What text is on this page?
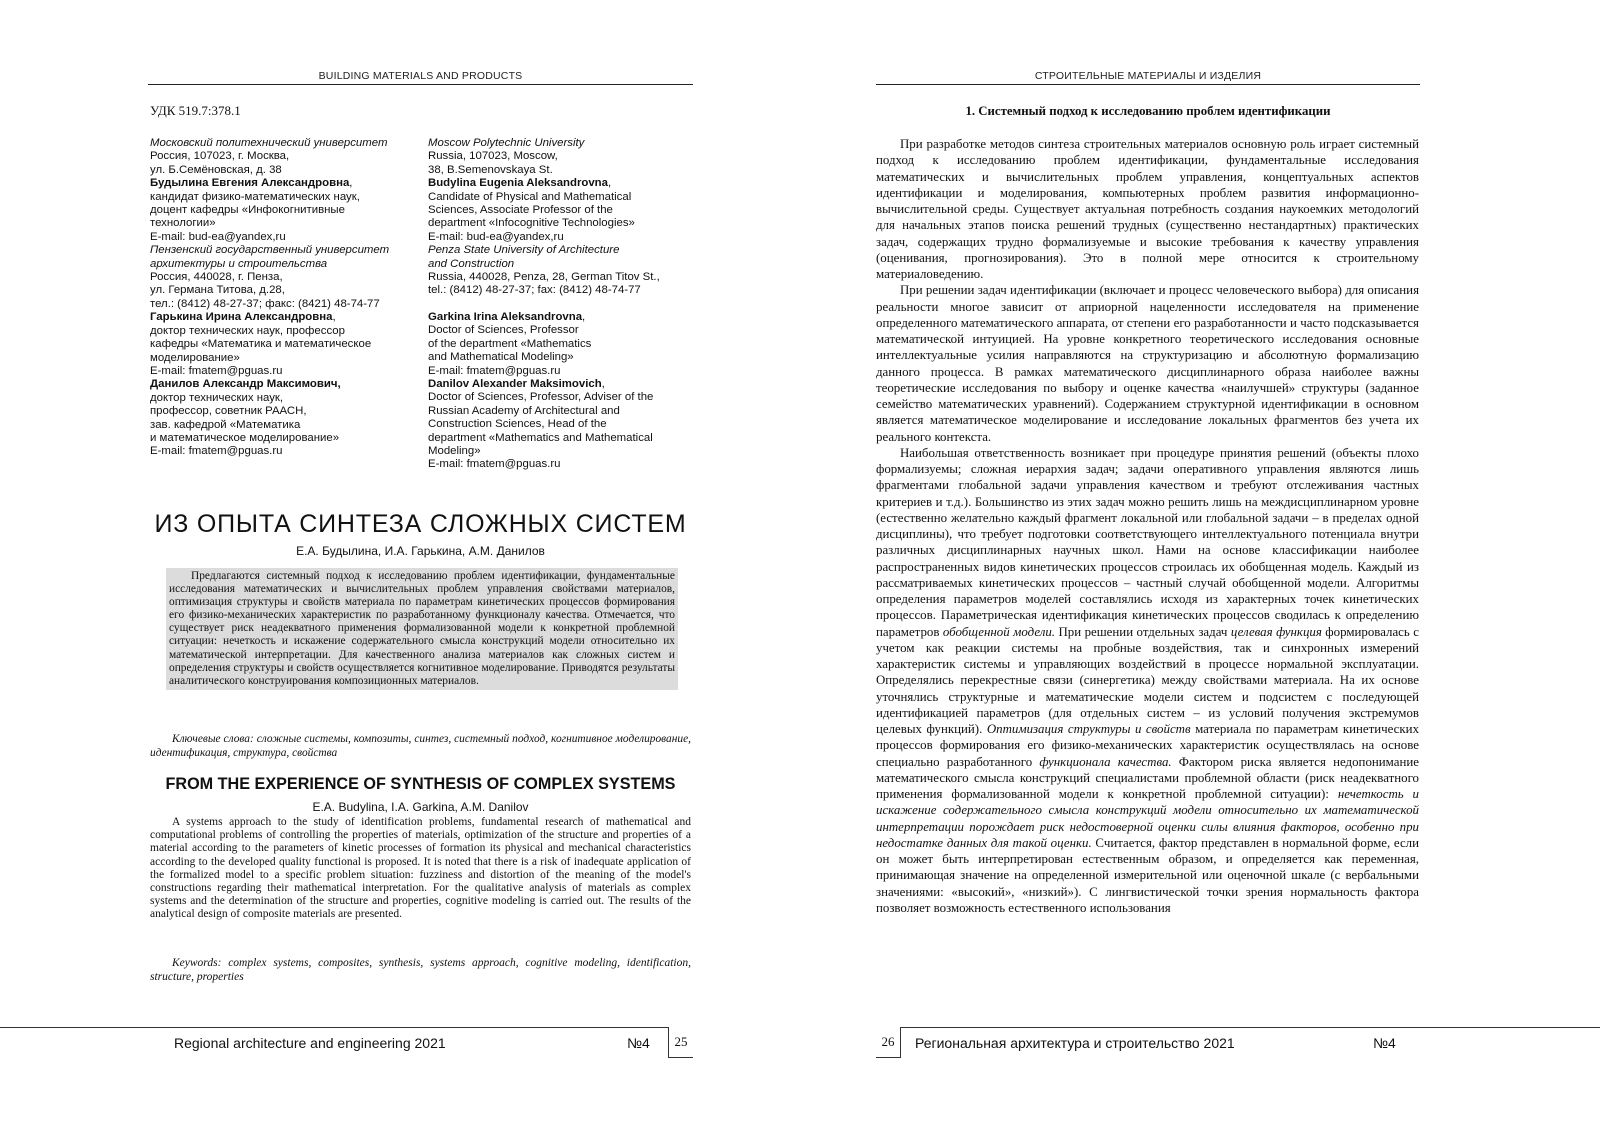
BUILDING MATERIALS AND PRODUCTS
УДК 519.7:378.1
Московский политехнический университет
Россия, 107023, г. Москва,
ул. Б.Семёновская, д. 38
Будылина Евгения Александровна,
кандидат физико-математических наук,
доцент кафедры «Инфокогнитивные
технологии»
E-mail: bud-ea@yandex,ru
Пензенский государственный университет
архитектуры и строительства
Россия, 440028, г. Пенза,
ул. Германа Титова, д.28,
тел.: (8412) 48-27-37; факс: (8421) 48-74-77
Гарькина Ирина Александровна,
доктор технических наук, профессор
кафедры «Математика и математическое
моделирование»
E-mail: fmatem@pguas.ru
Данилов Александр Максимович,
доктор технических наук,
профессор, советник РААСН,
зав. кафедрой «Математика
и математическое моделирование»
E-mail: fmatem@pguas.ru
Moscow Polytechnic University
Russia, 107023, Moscow,
38, B.Semenovskaya St.
Budylina Eugenia Aleksandrovna,
Candidate of Physical and Mathematical
Sciences, Associate Professor of the
department «Infocognitive Technologies»
E-mail: bud-ea@yandex,ru
Penza State University of Architecture
and Construction
Russia, 440028, Penza, 28, German Titov St.,
tel.: (8412) 48-27-37; fax: (8412) 48-74-77
Garkina Irina Aleksandrovna,
Doctor of Sciences, Professor
of the department «Mathematics
and Mathematical Modeling»
E-mail: fmatem@pguas.ru
Danilov Alexander Maksimovich,
Doctor of Sciences, Professor, Adviser of the
Russian Academy of Architectural and
Construction Sciences, Head of the
department «Mathematics and Mathematical
Modeling»
E-mail: fmatem@pguas.ru
ИЗ ОПЫТА СИНТЕЗА СЛОЖНЫХ СИСТЕМ
Е.А. Будылина, И.А. Гарькина, А.М. Данилов
Предлагаются системный подход к исследованию проблем идентификации, фундаментальные исследования математических и вычислительных проблем управления свойствами материалов, оптимизация структуры и свойств материала по параметрам кинетических процессов формирования его физико-механических характеристик по разработанному функционалу качества. Отмечается, что существует риск неадекватного применения формализованной модели к конкретной проблемной ситуации: нечеткость и искажение содержательного смысла конструкций модели относительно их математической интерпретации. Для качественного анализа материалов как сложных систем и определения структуры и свойств осуществляется когнитивное моделирование. Приводятся результаты аналитического конструирования композиционных материалов.
Ключевые слова: сложные системы, композиты, синтез, системный подход, когнитивное моделирование, идентификация, структура, свойства
FROM THE EXPERIENCE OF SYNTHESIS OF COMPLEX SYSTEMS
E.A. Budylina, I.A. Garkina, A.M. Danilov
A systems approach to the study of identification problems, fundamental research of mathematical and computational problems of controlling the properties of materials, optimization of the structure and properties of a material according to the parameters of kinetic processes of formation its physical and mechanical characteristics according to the developed quality functional is proposed. It is noted that there is a risk of inadequate application of the formalized model to a specific problem situation: fuzziness and distortion of the meaning of the model's constructions regarding their mathematical interpretation. For the qualitative analysis of materials as complex systems and the determination of the structure and properties, cognitive modeling is carried out. The results of the analytical design of composite materials are presented.
Keywords: complex systems, composites, synthesis, systems approach, cognitive modeling, identification, structure, properties
Regional architecture and engineering 2021	№4	25
СТРОИТЕЛЬНЫЕ МАТЕРИАЛЫ И ИЗДЕЛИЯ
1. Системный подход к исследованию проблем идентификации

При разработке методов синтеза строительных материалов основную роль играет системный подход к исследованию проблем идентификации, фундаментальные исследования математических и вычислительных проблем управления, концептуальных аспектов идентификации и моделирования, компьютерных проблем развития информационно-вычислительной среды. Существует актуальная потребность создания наукоемких методологий для начальных этапов поиска решений трудных (существенно нестандартных) практических задач, содержащих трудно формализуемые и высокие требования к качеству управления (оценивания, прогнозирования). Это в полной мере относится к строительному материаловедению.

При решении задач идентификации (включает и процесс человеческого выбора) для описания реальности многое зависит от априорной нацеленности исследователя на применение определенного математического аппарата, от степени его разработанности и часто подсказывается математической интуицией. На уровне конкретного теоретического исследования основные интеллектуальные усилия направляются на структуризацию и абсолютную формализацию данного процесса. В рамках математического дисциплинарного образа наиболее важны теоретические исследования по выбору и оценке качества «наилучшей» структуры (заданное семейство математических уравнений). Содержанием структурной идентификации в основном является математическое моделирование и исследование локальных фрагментов без учета их реального контекста.

Наибольшая ответственность возникает при процедуре принятия решений (объекты плохо формализуемы; сложная иерархия задач; задачи оперативного управления являются лишь фрагментами глобальной задачи управления качеством и требуют отслеживания частных критериев и т.д.). Большинство из этих задач можно решить лишь на междисциплинарном уровне (естественно желательно каждый фрагмент локальной или глобальной задачи – в пределах одной дисциплины), что требует подготовки соответствующего интеллектуального потенциала внутри различных дисциплинарных научных школ. Нами на основе классификации наиболее распространенных видов кинетических процессов строилась их обобщенная модель. Каждый из рассматриваемых кинетических процессов – частный случай обобщенной модели. Алгоритмы определения параметров моделей составлялись исходя из характерных точек кинетических процессов. Параметрическая идентификация кинетических процессов сводилась к определению параметров обобщенной модели. При решении отдельных задач целевая функция формировалась с учетом как реакции системы на пробные воздействия, так и синхронных измерений характеристик системы и управляющих воздействий в процессе нормальной эксплуатации. Определялись перекрестные связи (синергетика) между свойствами материала. На их основе уточнялись структурные и математические модели систем и подсистем с последующей идентификацией параметров (для отдельных систем – из условий получения экстремумов целевых функций). Оптимизация структуры и свойств материала по параметрам кинетических процессов формирования его физико-механических характеристик осуществлялась на основе специально разработанного функционала качества. Фактором риска является недопонимание математического смысла конструкций специалистами проблемной области (риск неадекватного применения формализованной модели к конкретной проблемной ситуации): нечеткость и искажение содержательного смысла конструкций модели относительно их математической интерпретации порождает риск недостоверной оценки силы влияния факторов, особенно при недостатке данных для такой оценки. Считается, фактор представлен в нормальной форме, если он может быть интерпретирован естественным образом, и определяется как переменная, принимающая значение на определенной измерительной или оценочной шкале (с вербальными значениями: «высокий», «низкий»). С лингвистической точки зрения нормальность фактора позволяет возможность естественного использования

26	Региональная архитектура и строительство 2021	№4
